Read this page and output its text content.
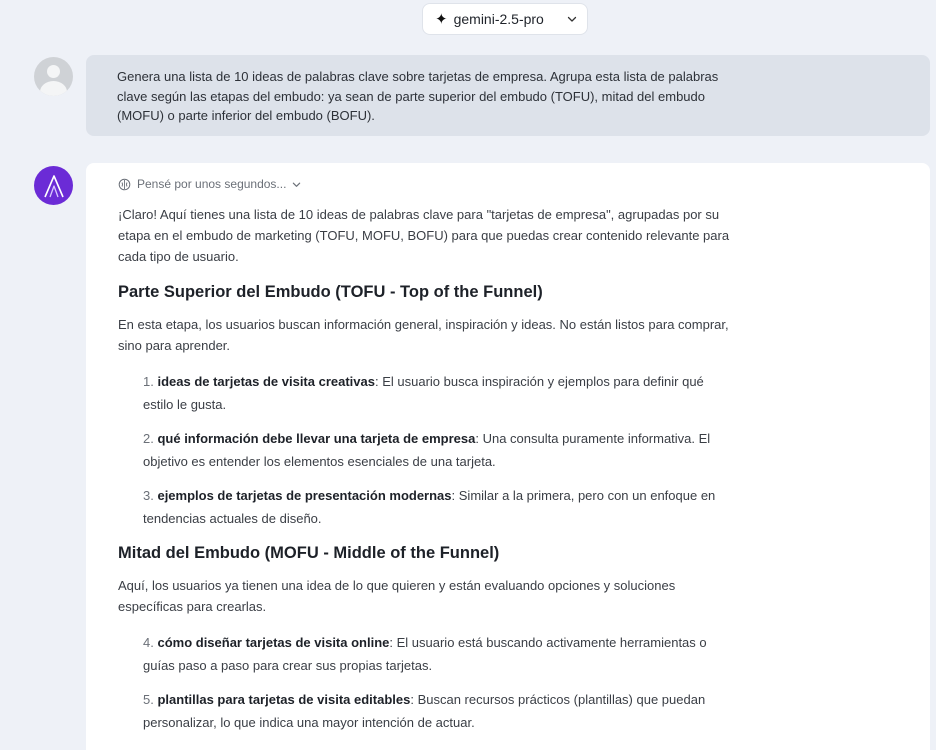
✦ gemini-2.5-pro

Genera una lista de 10 ideas de palabras clave sobre tarjetas de empresa. Agrupa esta lista de palabras clave según las etapas del embudo: ya sean de parte superior del embudo (TOFU), mitad del embudo (MOFU) o parte inferior del embudo (BOFU).

Pensé por unos segundos...

¡Claro! Aquí tienes una lista de 10 ideas de palabras clave para "tarjetas de empresa", agrupadas por su etapa en el embudo de marketing (TOFU, MOFU, BOFU) para que puedas crear contenido relevante para cada tipo de usuario.

Parte Superior del Embudo (TOFU - Top of the Funnel)

En esta etapa, los usuarios buscan información general, inspiración y ideas. No están listos para comprar, sino para aprender.

1. ideas de tarjetas de visita creativas: El usuario busca inspiración y ejemplos para definir qué estilo le gusta.
2. qué información debe llevar una tarjeta de empresa: Una consulta puramente informativa. El objetivo es entender los elementos esenciales de una tarjeta.
3. ejemplos de tarjetas de presentación modernas: Similar a la primera, pero con un enfoque en tendencias actuales de diseño.
Mitad del Embudo (MOFU - Middle of the Funnel)

Aquí, los usuarios ya tienen una idea de lo que quieren y están evaluando opciones y soluciones específicas para crearlas.

4. cómo diseñar tarjetas de visita online: El usuario está buscando activamente herramientas o guías paso a paso para crear sus propias tarjetas.
5. plantillas para tarjetas de visita editables: Buscan recursos prácticos (plantillas) que puedan personalizar, lo que indica una mayor intención de actuar.
